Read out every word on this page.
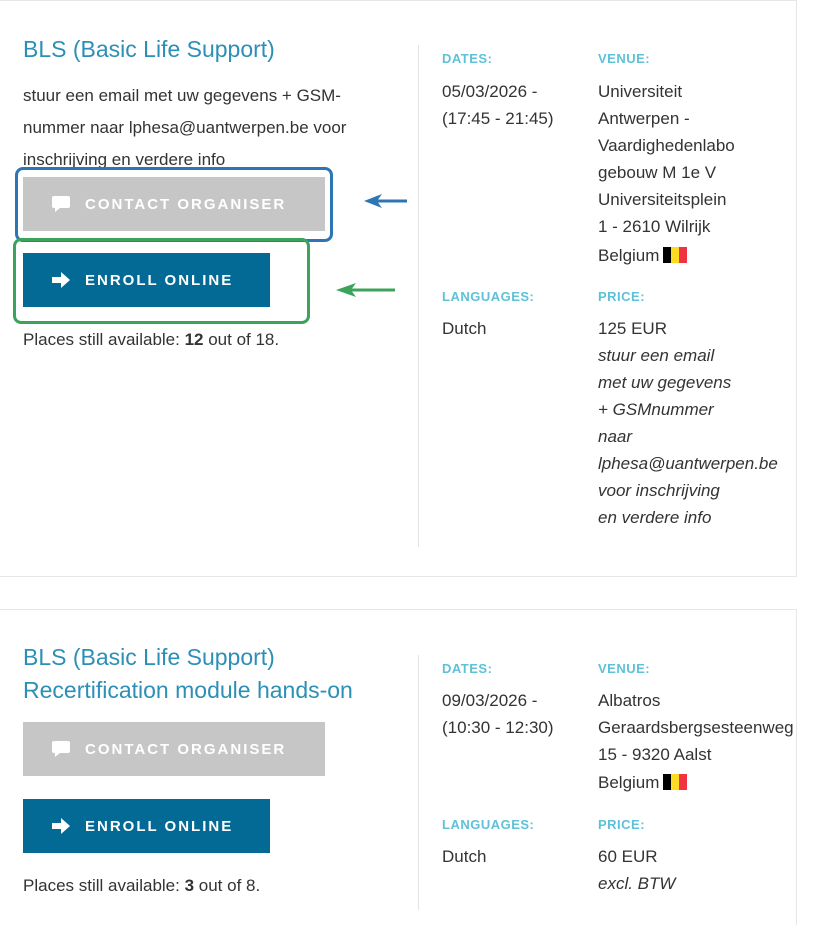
BLS (Basic Life Support)

stuur een email met uw gegevens + GSM-nummer naar lphesa@uantwerpen.be voor inschrijving en verdere info

CONTACT ORGANISER
ENROLL ONLINE

Places still available: 12 out of 18.

DATES:
05/03/2026 -
(17:45 - 21:45)
VENUE:
Universiteit
Antwerpen -
Vaardighedenlabo
gebouw M 1e V
Universiteitsplein
1 - 2610 Wilrijk
Belgium
LANGUAGES:
Dutch
PRICE:
125 EUR
stuur een email
met uw gegevens
+ GSMnummer
naar
lphesa@uantwerpen.be
voor inschrijving
en verdere info
BLS (Basic Life Support)
Recertification module hands-on
CONTACT ORGANISER
ENROLL ONLINE

Places still available: 3 out of 8.

DATES:
09/03/2026 -
(10:30 - 12:30)
VENUE:
Albatros
Geraardsbergsesteenweg
15 - 9320 Aalst
Belgium
LANGUAGES:
Dutch
PRICE:
60 EUR
excl. BTW
